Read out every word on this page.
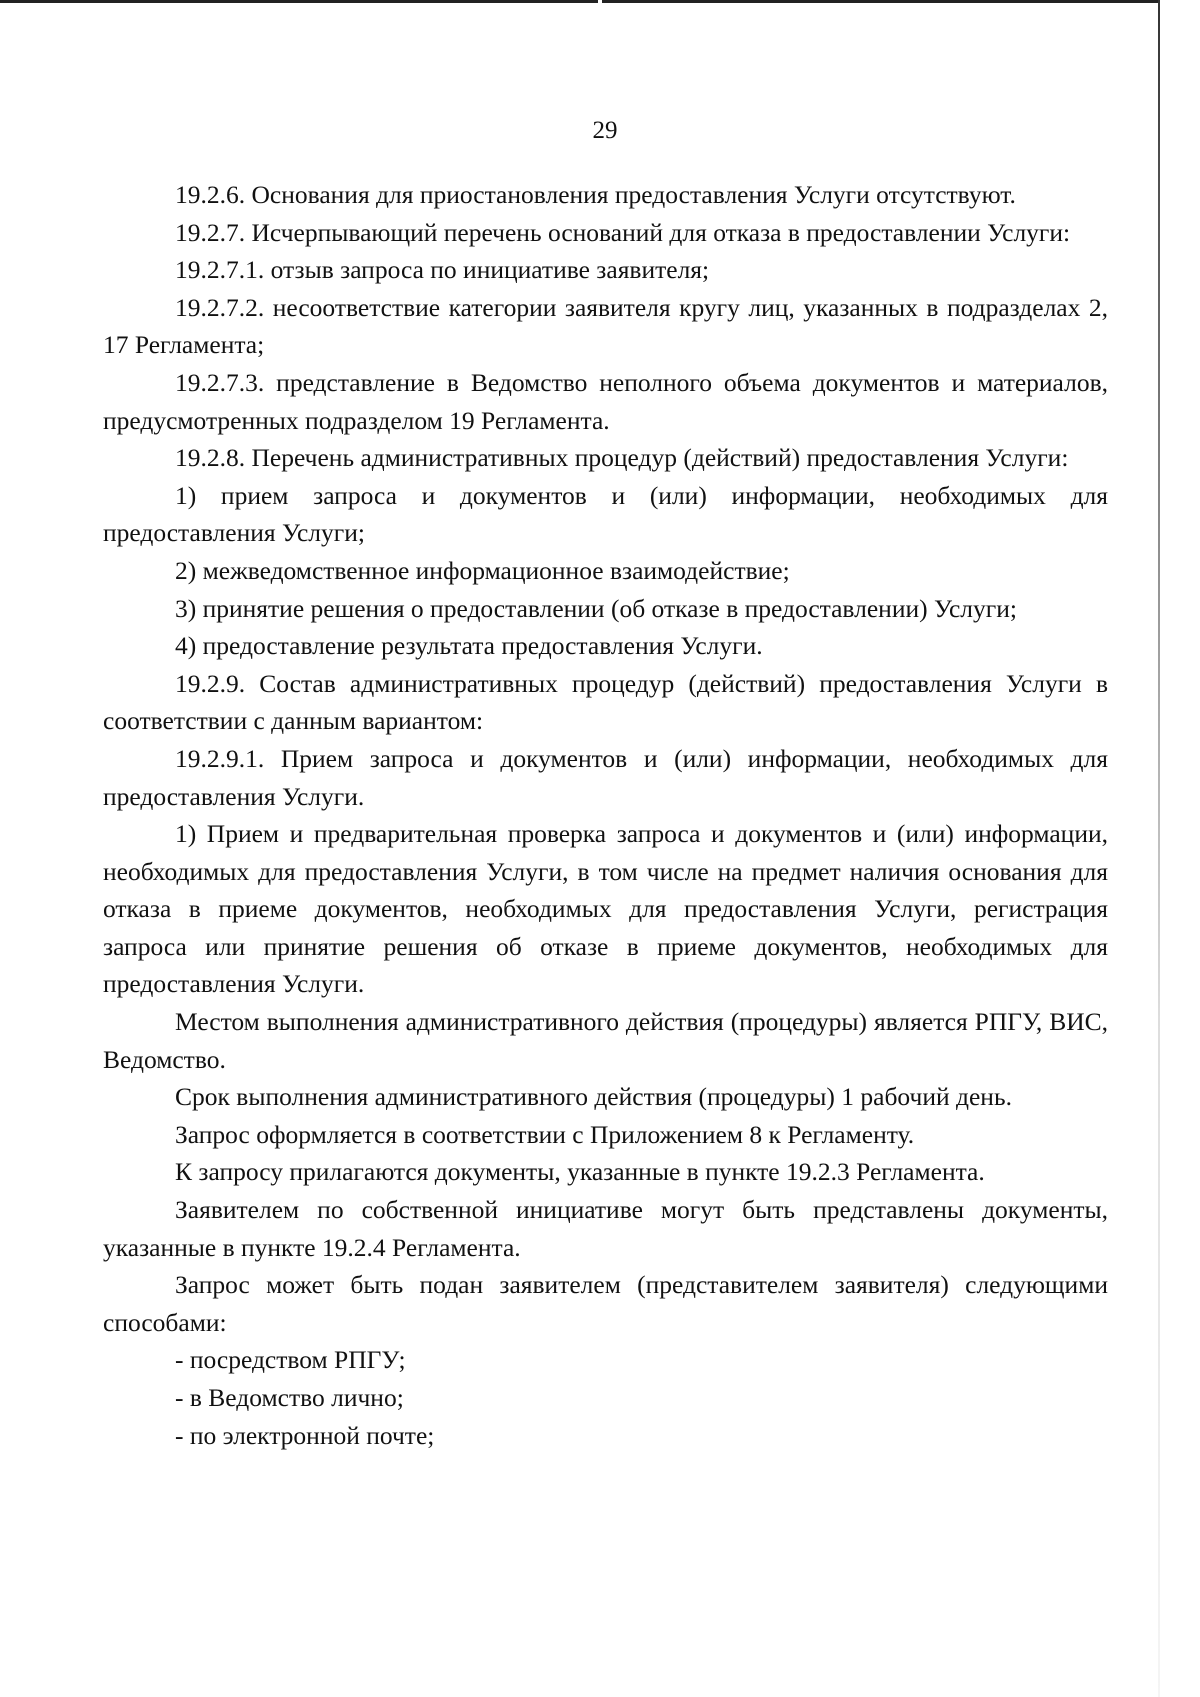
29

19.2.6. Основания для приостановления предоставления Услуги отсутствуют.

19.2.7. Исчерпывающий перечень оснований для отказа в предоставлении Услуги:

19.2.7.1. отзыв запроса по инициативе заявителя;

19.2.7.2. несоответствие категории заявителя кругу лиц, указанных в подразделах 2, 17 Регламента;

19.2.7.3. представление в Ведомство неполного объема документов и материалов, предусмотренных подразделом 19 Регламента.

19.2.8. Перечень административных процедур (действий) предоставления Услуги:

1) прием запроса и документов и (или) информации, необходимых для предоставления Услуги;

2) межведомственное информационное взаимодействие;

3) принятие решения о предоставлении (об отказе в предоставлении) Услуги;

4) предоставление результата предоставления Услуги.

19.2.9. Состав административных процедур (действий) предоставления Услуги в соответствии с данным вариантом:

19.2.9.1. Прием запроса и документов и (или) информации, необходимых для предоставления Услуги.

1) Прием и предварительная проверка запроса и документов и (или) информации, необходимых для предоставления Услуги, в том числе на предмет наличия основания для отказа в приеме документов, необходимых для предоставления Услуги, регистрация запроса или принятие решения об отказе в приеме документов, необходимых для предоставления Услуги.

Местом выполнения административного действия (процедуры) является РПГУ, ВИС, Ведомство.

Срок выполнения административного действия (процедуры) 1 рабочий день.

Запрос оформляется в соответствии с Приложением 8 к Регламенту.

К запросу прилагаются документы, указанные в пункте 19.2.3 Регламента.

Заявителем по собственной инициативе могут быть представлены документы, указанные в пункте 19.2.4 Регламента.

Запрос может быть подан заявителем (представителем заявителя) следующими способами:

- посредством РПГУ;

- в Ведомство лично;

- по электронной почте;
